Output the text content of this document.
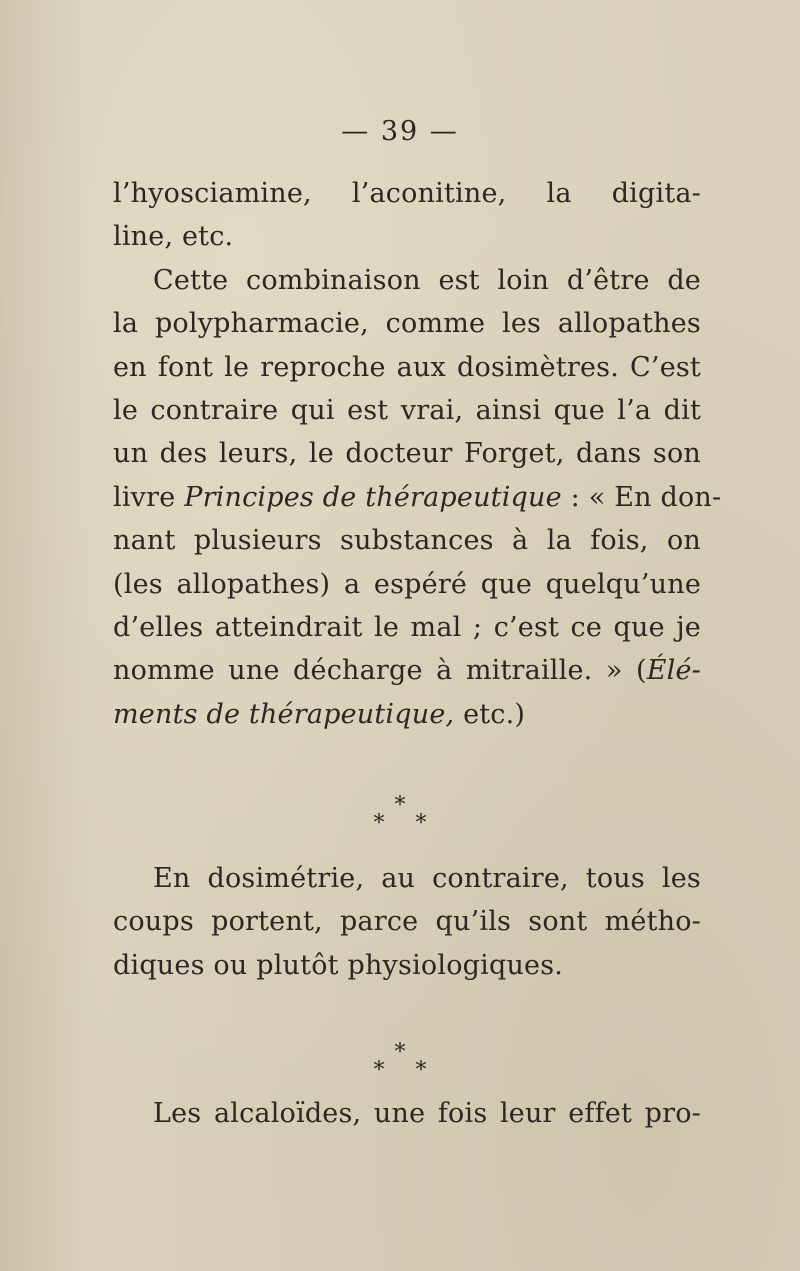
— 39 —
l’hyosciamine, l’aconitine, la digita-
line, etc.
Cette combinaison est loin d’être de
la polypharmacie, comme les allopathes
en font le reproche aux dosimètres. C’est
le contraire qui est vrai, ainsi que l’a dit
un des leurs, le docteur Forget, dans son
livre Principes de thérapeutique : « En don-
nant plusieurs substances à la fois, on
(les allopathes) a espéré que quelqu’une
d’elles atteindrait le mal ; c’est ce que je
nomme une décharge à mitraille. » (Élé-
ments de thérapeutique, etc.)
*
* *
En dosimétrie, au contraire, tous les
coups portent, parce qu’ils sont métho-
diques ou plutôt physiologiques.
*
* *
Les alcaloïdes, une fois leur effet pro-
